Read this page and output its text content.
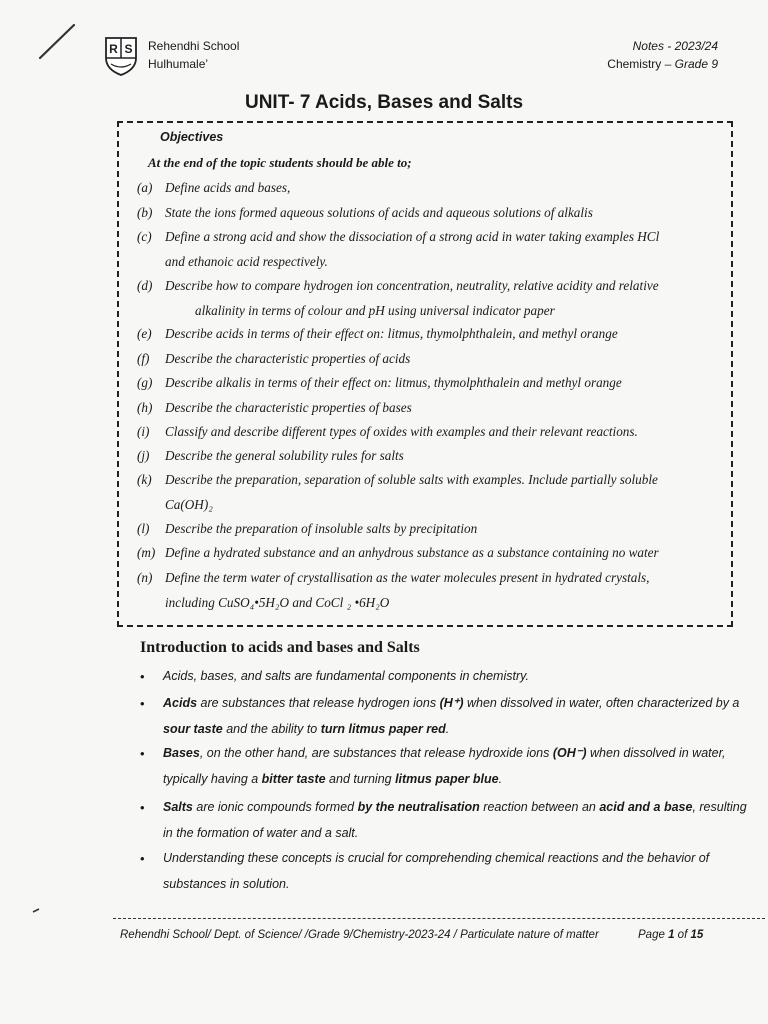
R S Rehendhi School
Hulhumale’
Notes - 2023/24
Chemistry – Grade 9
UNIT- 7 Acids, Bases and Salts
Objectives
At the end of the topic students should be able to;
(a) Define acids and bases,
(b) State the ions formed aqueous solutions of acids and aqueous solutions of alkalis
(c) Define a strong acid and show the dissociation of a strong acid in water taking examples HCl
and ethanoic acid respectively.
(d) Describe how to compare hydrogen ion concentration, neutrality, relative acidity and relative
alkalinity in terms of colour and pH using universal indicator paper
(e) Describe acids in terms of their effect on: litmus, thymolphthalein, and methyl orange
(f) Describe the characteristic properties of acids
(g) Describe alkalis in terms of their effect on: litmus, thymolphthalein and methyl orange
(h) Describe the characteristic properties of bases
(i) Classify and describe different types of oxides with examples and their relevant reactions.
(j) Describe the general solubility rules for salts
(k) Describe the preparation, separation of soluble salts with examples. Include partially soluble
Ca(OH)₂
(l) Describe the preparation of insoluble salts by precipitation
(m) Define a hydrated substance and an anhydrous substance as a substance containing no water
(n) Define the term water of crystallisation as the water molecules present in hydrated crystals,
including CuSO₄•5H₂O and CoCl ₂ •6H₂O
Introduction to acids and bases and Salts
•	Acids, bases, and salts are fundamental components in chemistry.
•	Acids are substances that release hydrogen ions (H⁺) when dissolved in water, often characterized by a sour taste and the ability to turn litmus paper red.
•	Bases, on the other hand, are substances that release hydroxide ions (OH⁻) when dissolved in water, typically having a bitter taste and turning litmus paper blue.
•	Salts are ionic compounds formed by the neutralisation reaction between an acid and a base, resulting in the formation of water and a salt.
•	Understanding these concepts is crucial for comprehending chemical reactions and the behavior of substances in solution.
Rehendhi School/ Dept. of Science/ /Grade 9/Chemistry-2023-24 / Particulate nature of matter	Page 1 of 15
